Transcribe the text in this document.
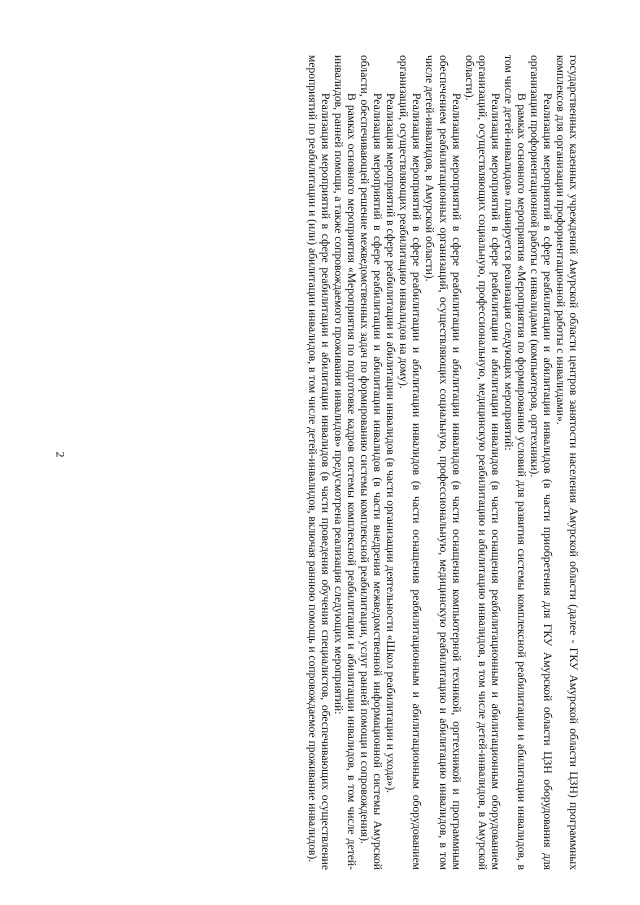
2	государственных казенных учреждений Амурской области центров занятости населения Амурской области (далее - ГКУ Амурской области ЦЗН) программных комплексов для организации профориентационной работы с инвалидами».

Реализация мероприятий в сфере реабилитации и абилитации инвалидов (в части приобретения для ГКУ Амурской области ЦЗН оборудования для организации профориентационной работы с инвалидами (компьютеров, оргтехники).

В рамках основного мероприятия «Мероприятия по формированию условий для развития системы комплексной реабилитации и абилитации инвалидов, в том числе детей-инвалидов» планируется реализация следующих мероприятий:

Реализация мероприятий в сфере реабилитации и абилитации инвалидов (в части оснащения реабилитационным и абилитационным оборудованием организаций, осуществляющих социальную, профессиональную, медицинскую реабилитацию и абилитацию инвалидов, в том числе детей-инвалидов, в Амурской области).

Реализация мероприятий в сфере реабилитации и абилитации инвалидов (в части оснащения компьютерной техникой, оргтехникой и программным обеспечением реабилитационных организаций, осуществляющих социальную, профессиональную, медицинскую реабилитацию и абилитацию инвалидов, в том числе детей-инвалидов, в Амурской области).

Реализация мероприятий в сфере реабилитации и абилитации инвалидов (в части оснащения реабилитационным и абилитационным оборудованием организаций, осуществляющих реабилитацию инвалидов на дому).

Реализация мероприятий в сфере реабилитации и абилитации инвалидов (в части организации деятельности «Школ реабилитации и ухода»).

Реализация мероприятий в сфере реабилитации и абилитации инвалидов (в части внедрения межведомственной информационной системы Амурской области, обеспечивающей решение межведомственных задач по формированию системы комплексной реабилитации, услуг ранней помощи и сопровождения).

В рамках основного мероприятия «Мероприятия по подготовке кадров системы комплексной реабилитации и абилитации инвалидов, в том числе детей-инвалидов, ранней помощи, а также сопровождаемого проживания инвалидов» предусмотрена реализация следующих мероприятий:

Реализация мероприятий в сфере реабилитации и абилитации инвалидов (в части проведения обучения специалистов, обеспечивающих осуществление мероприятий по реабилитации и (или) абилитации инвалидов, в том числе детей-инвалидов, включая раннюю помощь и сопровождаемое проживание инвалидов).
